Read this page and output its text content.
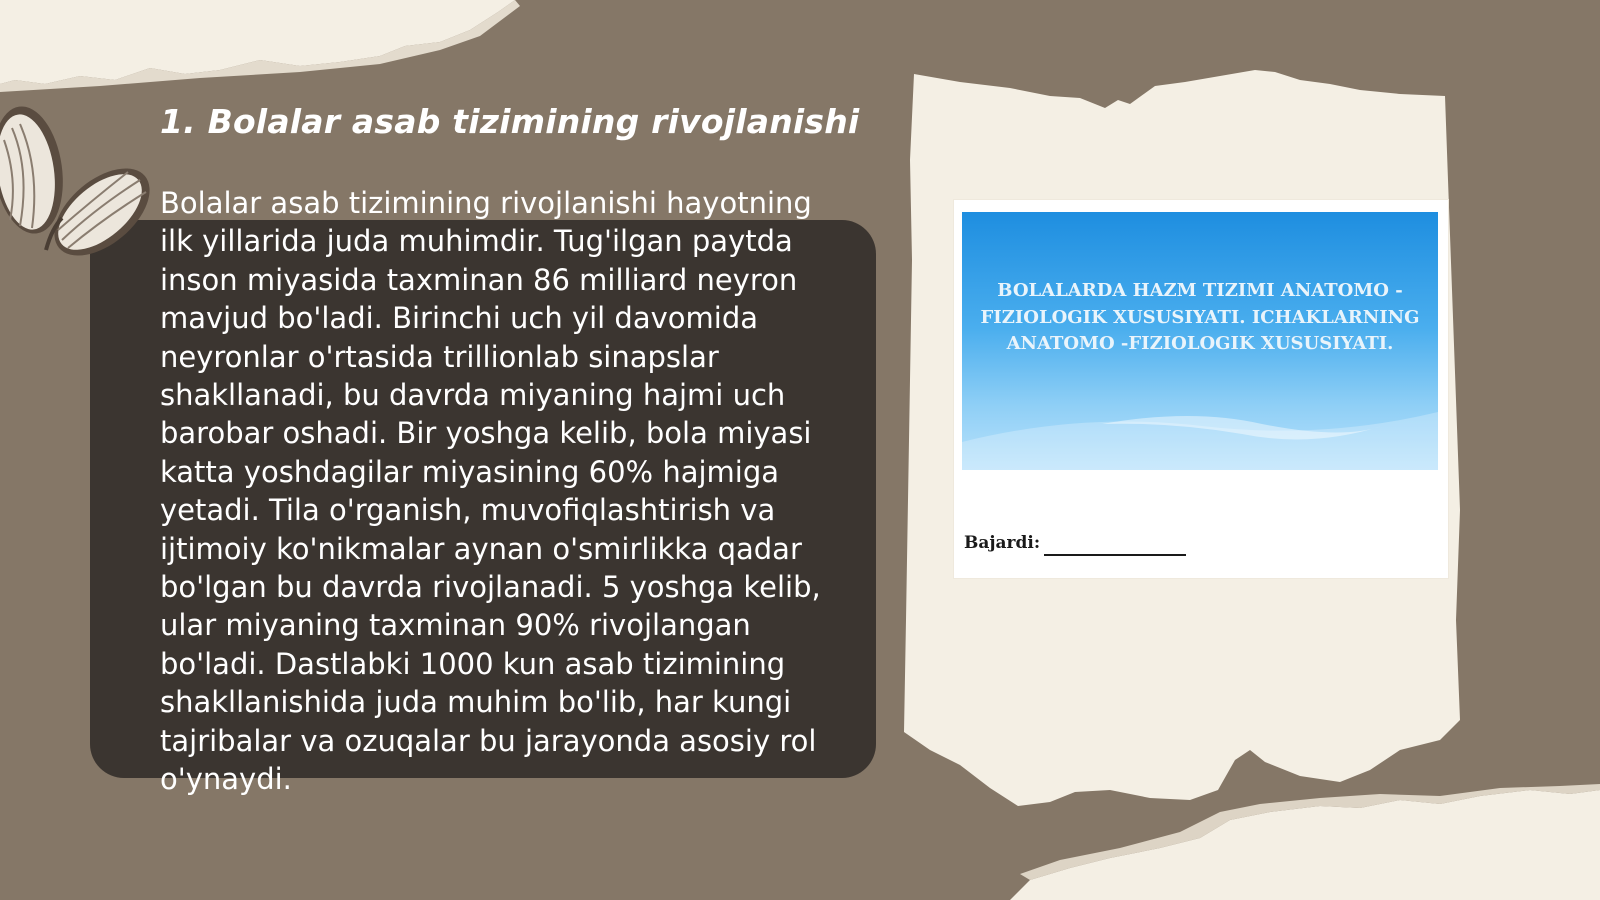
1. Bolalar asab tizimining rivojlanishi

Bolalar asab tizimining rivojlanishi hayotning ilk yillarida juda muhimdir. Tug'ilgan paytda inson miyasida taxminan 86 milliard neyron mavjud bo'ladi. Birinchi uch yil davomida neyronlar o'rtasida trillionlab sinapslar shakllanadi, bu davrda miyaning hajmi uch barobar oshadi. Bir yoshga kelib, bola miyasi katta yoshdagilar miyasining 60% hajmiga yetadi. Tila o'rganish, muvofiqlashtirish va ijtimoiy ko'nikmalar aynan o'smirlikka qadar bo'lgan bu davrda rivojlanadi. 5 yoshga kelib, ular miyaning taxminan 90% rivojlangan bo'ladi. Dastlabki 1000 kun asab tizimining shakllanishida juda muhim bo'lib, har kungi tajribalar va ozuqalar bu jarayonda asosiy rol o'ynaydi.

BOLALARDA HAZM TIZIMI ANATOMO - FIZIOLOGIK XUSUSIYATI. ICHAKLARNING ANATOMO -FIZIOLOGIK XUSUSIYATI.

Bajardi:
